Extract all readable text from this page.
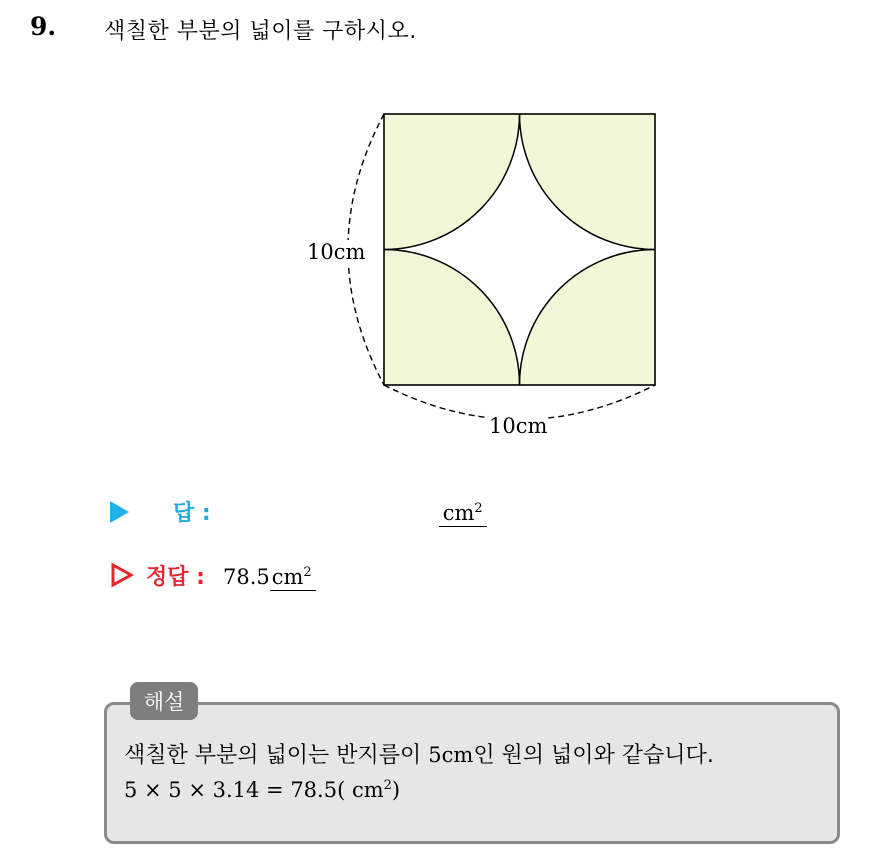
9. 색칠한 부분의 넓이를 구하시오.
10cm
10cm
답 :	$cm^2$
정답 : 78.5 $cm^2$
해설
색칠한 부분의 넓이는 반지름이 5cm인 원의 넓이와 같습니다.
5 × 5 × 3.14 = 78.5( $cm^2$)
